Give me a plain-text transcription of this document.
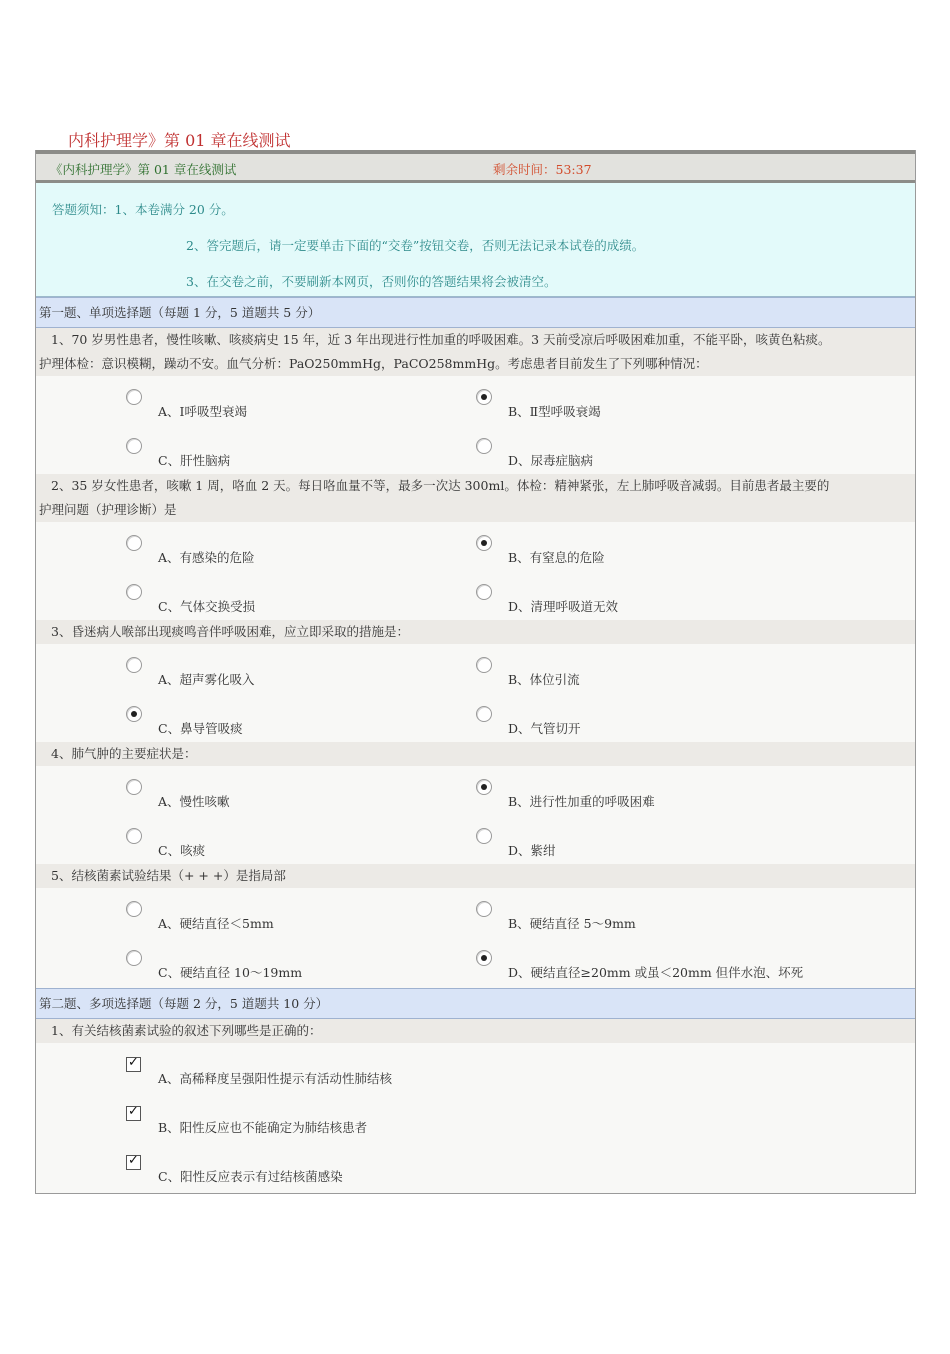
内科护理学》第 01 章在线测试
《内科护理学》第 01 章在线测试	剩余时间：53:37
答题须知：1、本卷满分 20 分。
2、答完题后，请一定要单击下面的“交卷”按钮交卷，否则无法记录本试卷的成绩。
3、在交卷之前，不要刷新本网页，否则你的答题结果将会被清空。
第一题、单项选择题（每题 1 分，5 道题共 5 分）
1、70 岁男性患者，慢性咳嗽、咳痰病史 15 年，近 3 年出现进行性加重的呼吸困难。3 天前受凉后呼吸困难加重，不能平卧，咳黄色粘痰。
护理体检：意识模糊，躁动不安。血气分析：PaO250mmHg，PaCO258mmHg。考虑患者目前发生了下列哪种情况：
A、Ⅰ呼吸型衰竭	B、Ⅱ型呼吸衰竭
C、肝性脑病	D、尿毒症脑病
2、35 岁女性患者，咳嗽 1 周，咯血 2 天。每日咯血量不等，最多一次达 300ml。体检：精神紧张，左上肺呼吸音减弱。目前患者最主要的
护理问题（护理诊断）是
A、有感染的危险	B、有窒息的危险
C、气体交换受损	D、清理呼吸道无效
3、昏迷病人喉部出现痰鸣音伴呼吸困难，应立即采取的措施是：
A、超声雾化吸入	B、体位引流
C、鼻导管吸痰	D、气管切开
4、肺气肿的主要症状是：
A、慢性咳嗽	B、进行性加重的呼吸困难
C、咳痰	D、紫绀
5、结核菌素试验结果（+ + +）是指局部
A、硬结直径＜5mm	B、硬结直径 5～9mm
C、硬结直径 10～19mm	D、硬结直径≥20mm 或虽＜20mm 但伴水泡、坏死
第二题、多项选择题（每题 2 分，5 道题共 10 分）
1、有关结核菌素试验的叙述下列哪些是正确的：
✓
A、高稀释度呈强阳性提示有活动性肺结核
✓
B、阳性反应也不能确定为肺结核患者
✓
C、阳性反应表示有过结核菌感染
